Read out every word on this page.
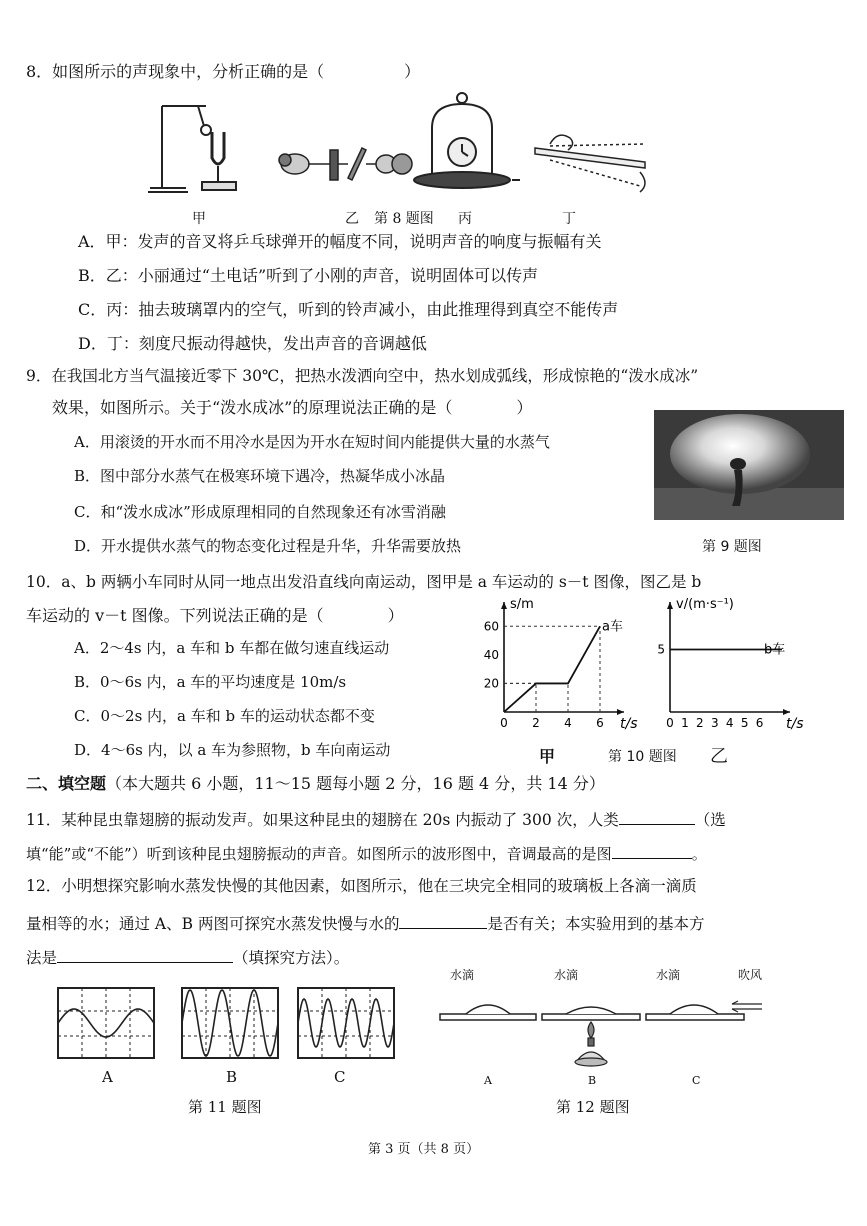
8．如图所示的声现象中，分析正确的是（　　　　　）
甲	乙 第 8 题图 丙	丁
A．甲：发声的音叉将乒乓球弹开的幅度不同，说明声音的响度与振幅有关
B．乙：小丽通过“土电话”听到了小刚的声音，说明固体可以传声
C．丙：抽去玻璃罩内的空气，听到的铃声减小，由此推理得到真空不能传声
D．丁：刻度尺振动得越快，发出声音的音调越低
9．在我国北方当气温接近零下 30℃，把热水泼洒向空中，热水划成弧线，形成惊艳的“泼水成冰”
效果，如图所示。关于“泼水成冰”的原理说法正确的是（　　　　）
A．用滚烫的开水而不用冷水是因为开水在短时间内能提供大量的水蒸气
B．图中部分水蒸气在极寒环境下遇冷，热凝华成小冰晶
C．和“泼水成冰”形成原理相同的自然现象还有冰雪消融
D．开水提供水蒸气的物态变化过程是升华，升华需要放热	第 9 题图
10．a、b 两辆小车同时从同一地点出发沿直线向南运动，图甲是 a 车运动的 s－t 图像，图乙是 b
车运动的 v－t 图像。下列说法正确的是（　　　　）
A．2～4s 内，a 车和 b 车都在做匀速直线运动
B．0～6s 内，a 车的平均速度是 10m/s
C．0～2s 内，a 车和 b 车的运动状态都不变
D．4～6s 内，以 a 车为参照物，b 车向南运动
0 2 4 6
20
40
60
t/s
s/m
a车
0 1 2 3 4 5 6
5
t/s
v/(m·s⁻¹)
b车
甲	第 10 题图 乙
二、填空题（本大题共 6 小题，11～15 题每小题 2 分，16 题 4 分，共 14 分）
11．某种昆虫靠翅膀的振动发声。如果这种昆虫的翅膀在 20s 内振动了 300 次，人类	（选
填“能”或“不能”）听到该种昆虫翅膀振动的声音。如图所示的波形图中，音调最高的是图	。
12．小明想探究影响水蒸发快慢的其他因素，如图所示，他在三块完全相同的玻璃板上各滴一滴质
量相等的水；通过 A、B 两图可探究水蒸发快慢与水的	是否有关；本实验用到的基本方
法是	（填探究方法）。
A	B	C
第 11 题图
水滴	水滴	水滴	吹风
A	B	C
第 12 题图
第 3 页（共 8 页）
